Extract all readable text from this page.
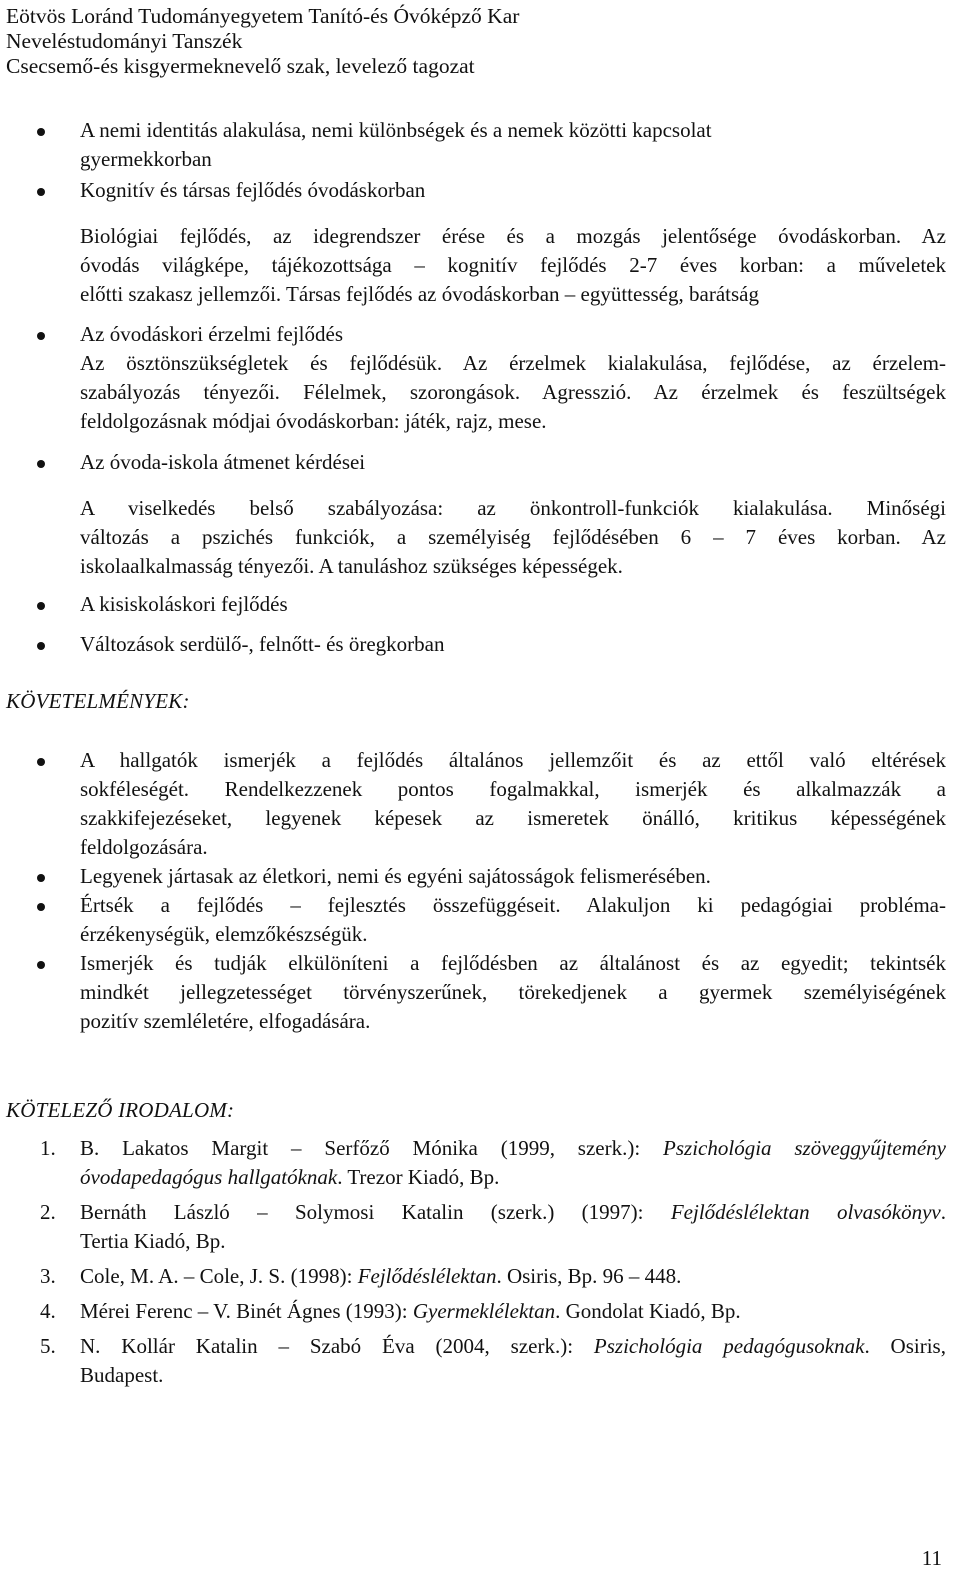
Eötvös Loránd Tudományegyetem Tanító-és Óvóképző Kar
Neveléstudományi Tanszék
Csecsemő-és kisgyermeknevelő szak, levelező tagozat
A nemi identitás alakulása, nemi különbségek és a nemek közötti kapcsolat
gyermekkorban
Kognitív és társas fejlődés óvodáskorban
Biológiai fejlődés, az idegrendszer érése és a mozgás jelentősége óvodáskorban. Az
óvodás világképe, tájékozottsága – kognitív fejlődés 2-7 éves korban: a műveletek
előtti szakasz jellemzői. Társas fejlődés az óvodáskorban – együttesség, barátság
Az óvodáskori érzelmi fejlődés
Az ösztönszükségletek és fejlődésük. Az érzelmek kialakulása, fejlődése, az érzelem-
szabályozás tényezői. Félelmek, szorongások. Agresszió. Az érzelmek és feszültségek
feldolgozásnak módjai óvodáskorban: játék, rajz, mese.
Az óvoda-iskola átmenet kérdései
A viselkedés belső szabályozása: az önkontroll-funkciók kialakulása. Minőségi
változás a pszichés funkciók, a személyiség fejlődésében 6 – 7 éves korban. Az
iskolaalkalmasság tényezői. A tanuláshoz szükséges képességek.
A kisiskoláskori fejlődés
Változások serdülő-, felnőtt- és öregkorban
KÖVETELMÉNYEK:
A hallgatók ismerjék a fejlődés általános jellemzőit és az ettől való eltérések
sokféleségét. Rendelkezzenek pontos fogalmakkal, ismerjék és alkalmazzák a
szakkifejezéseket, legyenek képesek az ismeretek önálló, kritikus képességének
feldolgozására.
Legyenek jártasak az életkori, nemi és egyéni sajátosságok felismerésében.
Értsék a fejlődés – fejlesztés összefüggéseit. Alakuljon ki pedagógiai probléma-
érzékenységük, elemzőkészségük.
Ismerjék és tudják elkülöníteni a fejlődésben az általánost és az egyedit; tekintsék
mindkét jellegzetességet törvényszerűnek, törekedjenek a gyermek személyiségének
pozitív szemléletére, elfogadására.
KÖTELEZŐ IRODALOM:
1. B. Lakatos Margit – Serfőző Mónika (1999, szerk.): Pszichológia szöveggyűjtemény
óvodapedagógus hallgatóknak. Trezor Kiadó, Bp.
2. Bernáth László – Solymosi Katalin (szerk.) (1997): Fejlődéslélektan olvasókönyv.
Tertia Kiadó, Bp.
3. Cole, M. A. – Cole, J. S. (1998): Fejlődéslélektan. Osiris, Bp. 96 – 448.
4. Mérei Ferenc – V. Binét Ágnes (1993): Gyermeklélektan. Gondolat Kiadó, Bp.
5. N. Kollár Katalin – Szabó Éva (2004, szerk.): Pszichológia pedagógusoknak. Osiris,
Budapest.
11
